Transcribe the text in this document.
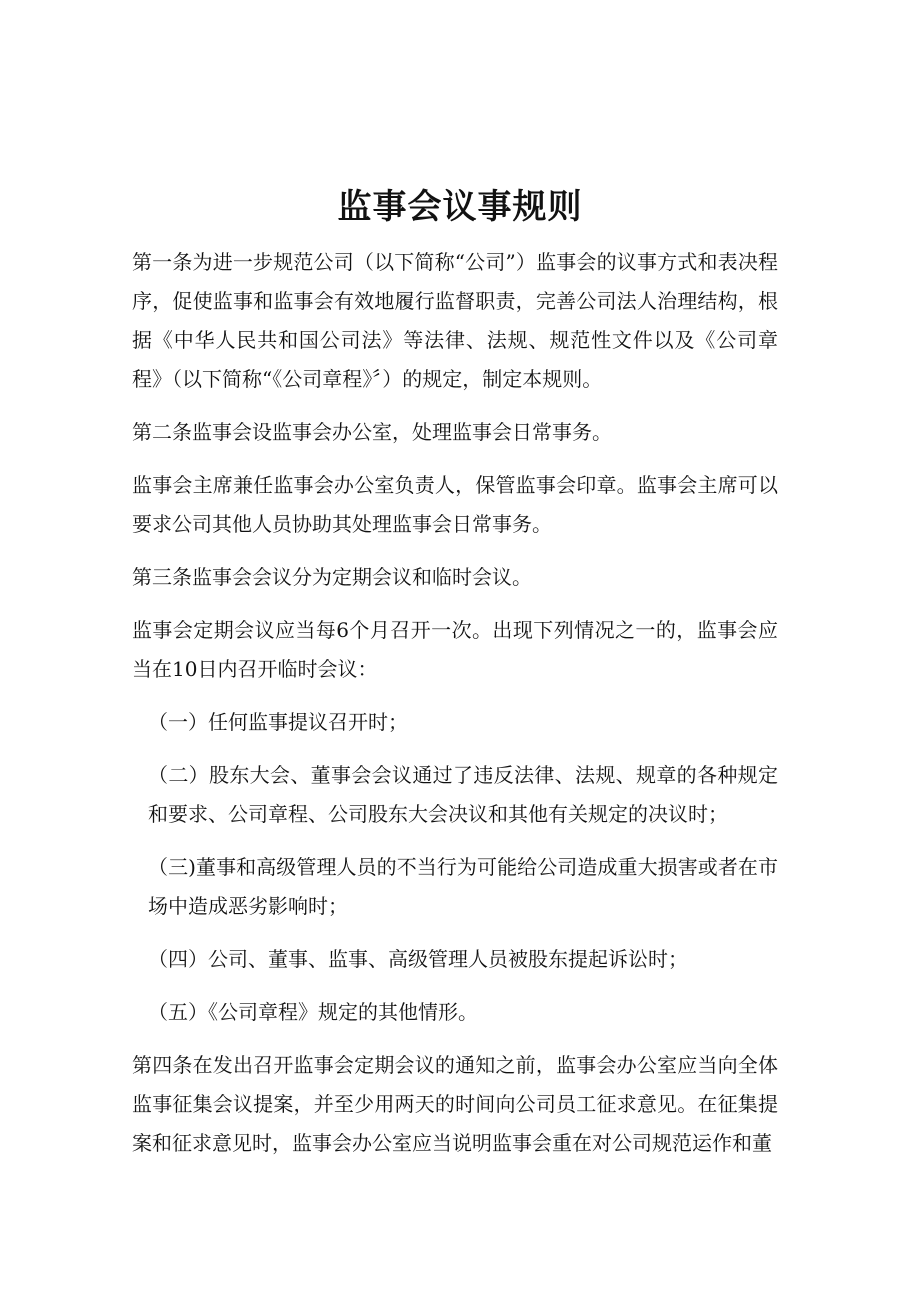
监事会议事规则

第一条为进一步规范公司（以下简称“公司”）监事会的议事方式和表决程序，促使监事和监事会有效地履行监督职责，完善公司法人治理结构，根据《中华人民共和国公司法》等法律、法规、规范性文件以及《公司章程》（以下简称“《公司章程》〞）的规定，制定本规则。

第二条监事会设监事会办公室，处理监事会日常事务。

监事会主席兼任监事会办公室负责人，保管监事会印章。监事会主席可以要求公司其他人员协助其处理监事会日常事务。

第三条监事会会议分为定期会议和临时会议。

监事会定期会议应当每6个月召开一次。出现下列情况之一的，监事会应当在10日内召开临时会议：

（一）任何监事提议召开时；

（二）股东大会、董事会会议通过了违反法律、法规、规章的各种规定和要求、公司章程、公司股东大会决议和其他有关规定的决议时；

（三)董事和高级管理人员的不当行为可能给公司造成重大损害或者在市场中造成恶劣影响时；

（四）公司、董事、监事、高级管理人员被股东提起诉讼时；

（五）《公司章程》规定的其他情形。

第四条在发出召开监事会定期会议的通知之前，监事会办公室应当向全体监事征集会议提案，并至少用两天的时间向公司员工征求意见。在征集提案和征求意见时，监事会办公室应当说明监事会重在对公司规范运作和董
